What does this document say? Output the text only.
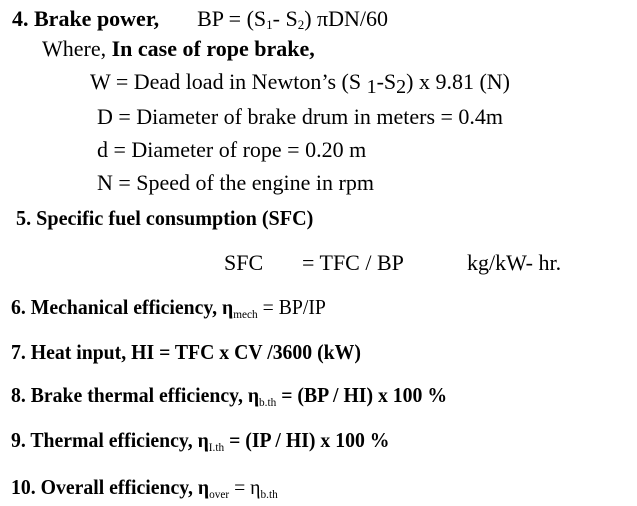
4. Brake power, BP = ($S_1-$ $S_2$) πDN/60
Where, In case of rope brake,
W = Dead load in Newton’s (S $_1-S_2$) x 9.81 (N)
D = Diameter of brake drum in meters = 0.4m
d = Diameter of rope = 0.20 m
N = Speed of the engine in rpm
5. Specific fuel consumption (SFC)
SFC = TFC / BP	kg/kW- hr.
6. Mechanical efficiency, $\eta_{mech} = BP/IP$
7. Heat input, HI = TFC x CV /3600 (kW)
8. Brake thermal efficiency, $\eta_{b.th} = (BP / HI)$ x 100 %
9. Thermal efficiency, $\eta_{I.th} = (IP / HI)$ x 100 %
10. Overall efficiency, $\eta_{over} = \eta_{b.th}$
